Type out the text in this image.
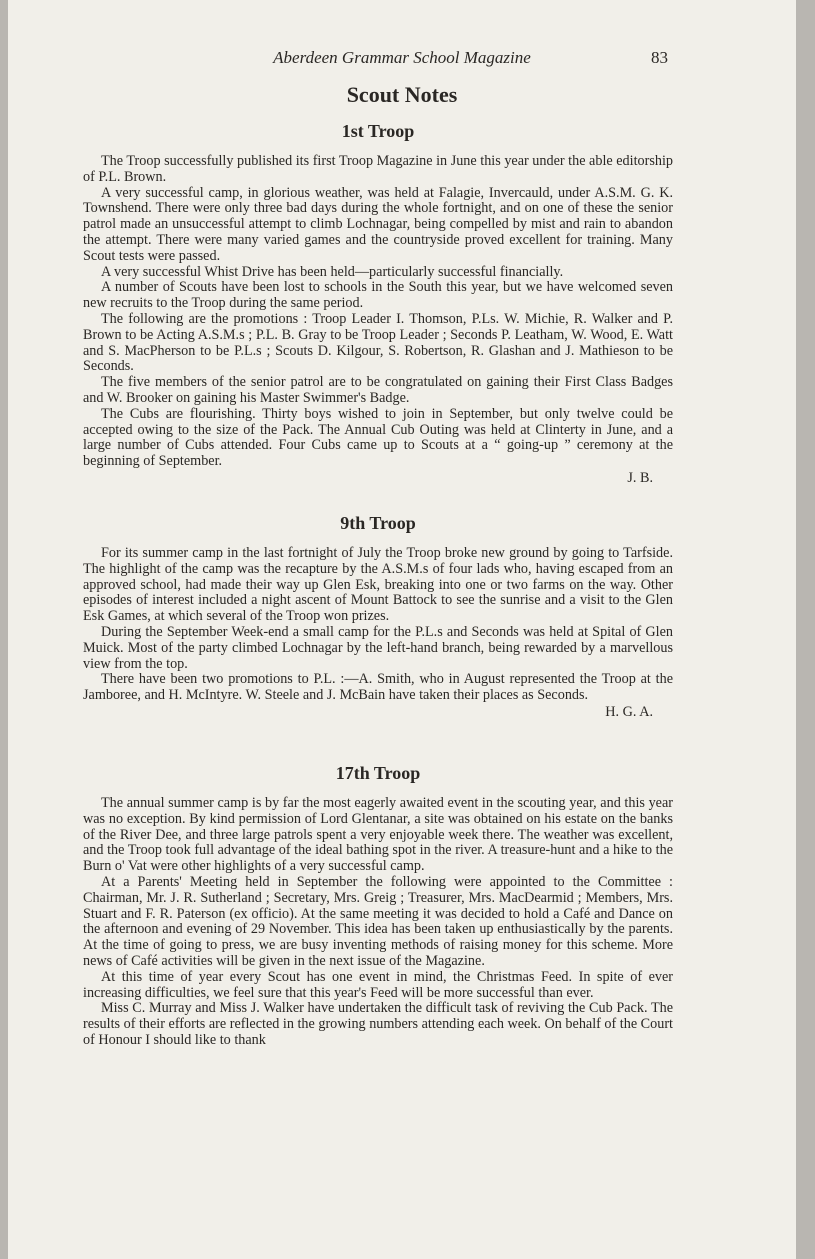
Aberdeen Grammar School Magazine	83
Scout Notes
1st Troop

The Troop successfully published its first Troop Magazine in June this year under the able editorship of P.L. Brown.

A very successful camp, in glorious weather, was held at Falagie, Invercauld, under A.S.M. G. K. Townshend. There were only three bad days during the whole fortnight, and on one of these the senior patrol made an unsuccessful attempt to climb Lochnagar, being compelled by mist and rain to abandon the attempt. There were many varied games and the countryside proved excellent for training. Many Scout tests were passed.

A very successful Whist Drive has been held—particularly successful financially.

A number of Scouts have been lost to schools in the South this year, but we have welcomed seven new recruits to the Troop during the same period.

The following are the promotions : Troop Leader I. Thomson, P.Ls. W. Michie, R. Walker and P. Brown to be Acting A.S.M.s ; P.L. B. Gray to be Troop Leader ; Seconds P. Leatham, W. Wood, E. Watt and S. MacPherson to be P.L.s ; Scouts D. Kilgour, S. Robertson, R. Glashan and J. Mathieson to be Seconds.

The five members of the senior patrol are to be congratulated on gaining their First Class Badges and W. Brooker on gaining his Master Swimmer's Badge.

The Cubs are flourishing. Thirty boys wished to join in September, but only twelve could be accepted owing to the size of the Pack. The Annual Cub Outing was held at Clinterty in June, and a large number of Cubs attended. Four Cubs came up to Scouts at a “ going-up ” ceremony at the beginning of September.

J. B.
9th Troop

For its summer camp in the last fortnight of July the Troop broke new ground by going to Tarfside. The highlight of the camp was the recapture by the A.S.M.s of four lads who, having escaped from an approved school, had made their way up Glen Esk, breaking into one or two farms on the way. Other episodes of interest included a night ascent of Mount Battock to see the sunrise and a visit to the Glen Esk Games, at which several of the Troop won prizes.

During the September Week-end a small camp for the P.L.s and Seconds was held at Spital of Glen Muick. Most of the party climbed Lochnagar by the left-hand branch, being rewarded by a marvellous view from the top.

There have been two promotions to P.L. :—A. Smith, who in August represented the Troop at the Jamboree, and H. McIntyre. W. Steele and J. McBain have taken their places as Seconds.

H. G. A.
17th Troop

The annual summer camp is by far the most eagerly awaited event in the scouting year, and this year was no exception. By kind permission of Lord Glentanar, a site was obtained on his estate on the banks of the River Dee, and three large patrols spent a very enjoyable week there. The weather was excellent, and the Troop took full advantage of the ideal bathing spot in the river. A treasure-hunt and a hike to the Burn o' Vat were other highlights of a very successful camp.

At a Parents' Meeting held in September the following were appointed to the Committee : Chairman, Mr. J. R. Sutherland ; Secretary, Mrs. Greig ; Treasurer, Mrs. MacDearmid ; Members, Mrs. Stuart and F. R. Paterson (ex officio). At the same meeting it was decided to hold a Café and Dance on the afternoon and evening of 29 November. This idea has been taken up enthusiastically by the parents. At the time of going to press, we are busy inventing methods of raising money for this scheme. More news of Café activities will be given in the next issue of the Magazine.

At this time of year every Scout has one event in mind, the Christmas Feed. In spite of ever increasing difficulties, we feel sure that this year's Feed will be more successful than ever.

Miss C. Murray and Miss J. Walker have undertaken the difficult task of reviving the Cub Pack. The results of their efforts are reflected in the growing numbers attending each week. On behalf of the Court of Honour I should like to thank
